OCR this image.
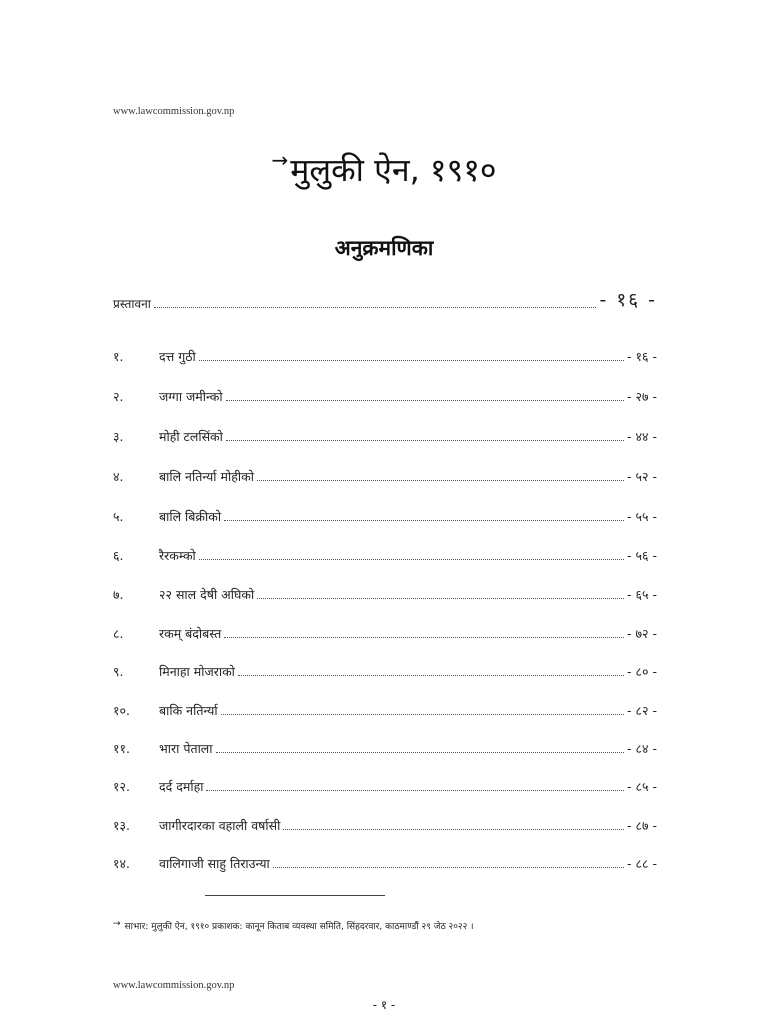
www.lawcommission.gov.np
→मुलुकी ऐन, १९१०
अनुक्रमणिका
प्रस्तावना	- १६ -
१.	दत्त गुठी	- १६ -
२.	जग्गा जमीन्को	- २७ -
३.	मोही टलसिंको	- ४४ -
४.	बालि नतिर्न्या मोहीको	- ५२ -
५.	बालि बिक्रीको	- ५५ -
६.	रैरकम्को	- ५६ -
७.	२२ साल देषी अघिको	- ६५ -
८.	रकम् बंदोबस्त	- ७२ -
९.	मिनाहा मोजराको	- ८० -
१०.	बाकि नतिर्न्या	- ८२ -
११.	भारा पेताला	- ८४ -
१२.	दर्द दर्माहा	- ८५ -
१३.	जागीरदारका वहाली वर्षासी	- ८७ -
१४.	वालिगाजी साहु तिराउन्या	- ८८ -
→ साभार: मुलुकी ऐन, १९१० प्रकाशक: कानून किताब व्यवस्था समिति, सिंहदरवार, काठमाण्डौं २९ जेठ २०२२ ।
www.lawcommission.gov.np
- १ -
